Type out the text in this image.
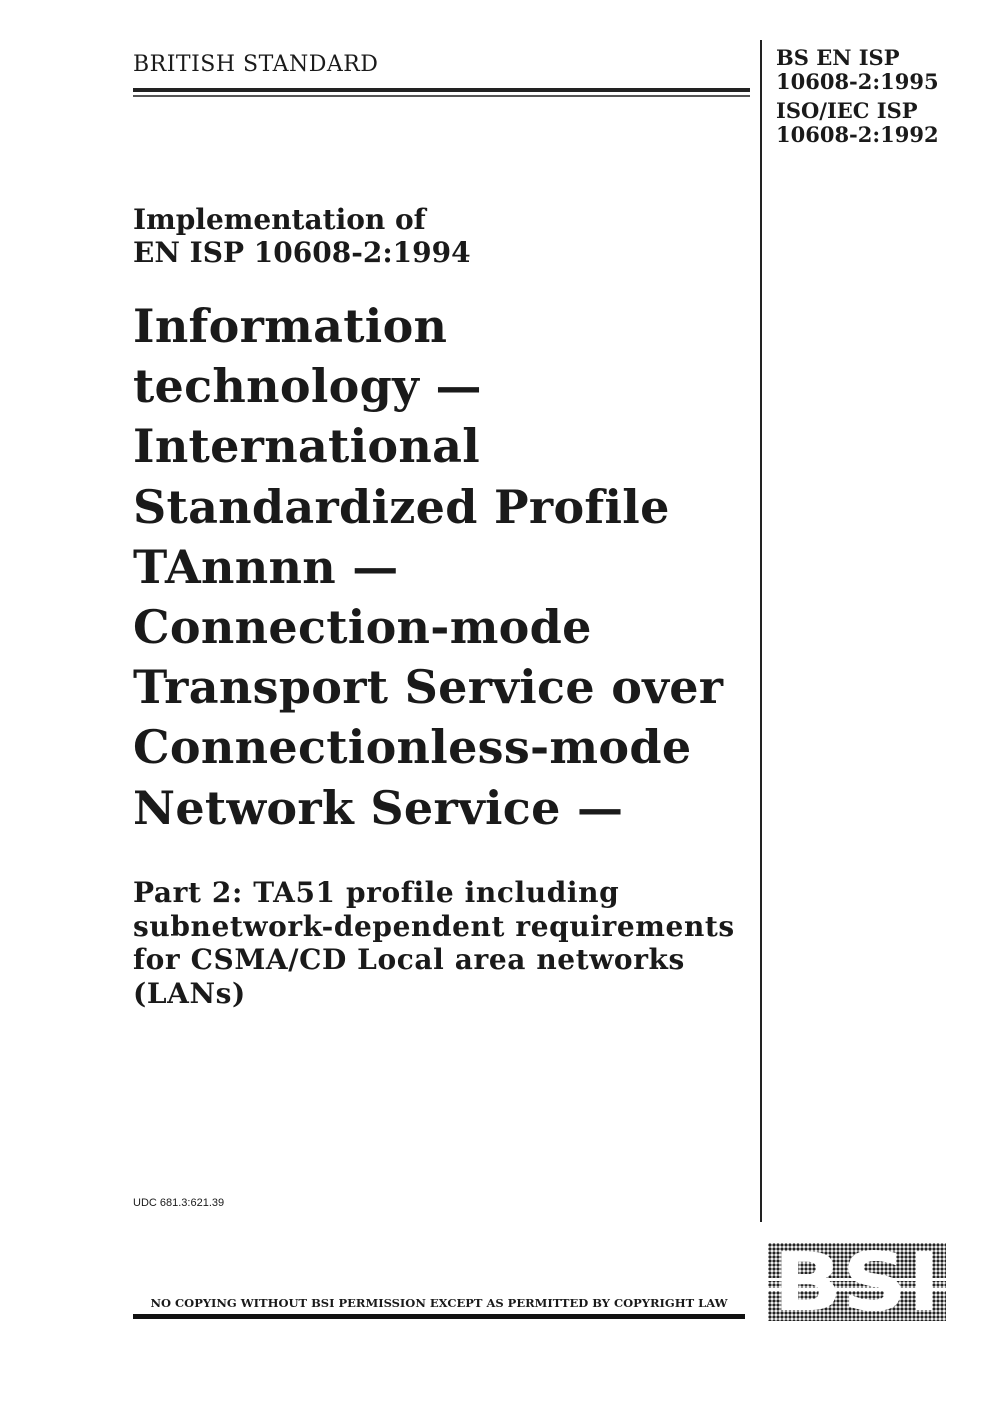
BRITISH STANDARD	BS EN ISP
10608-2:1995
ISO/IEC ISP
10608-2:1992
Implementation of
EN ISP 10608-2:1994
Information
technology —
International
Standardized Profile
TAnnnn —
Connection-mode
Transport Service over
Connectionless-mode
Network Service —
Part 2: TA51 profile including
subnetwork-dependent requirements
for CSMA/CD Local area networks
(LANs)
UDC 681.3:621.39
NO COPYING WITHOUT BSI PERMISSION EXCEPT AS PERMITTED BY COPYRIGHT LAW
